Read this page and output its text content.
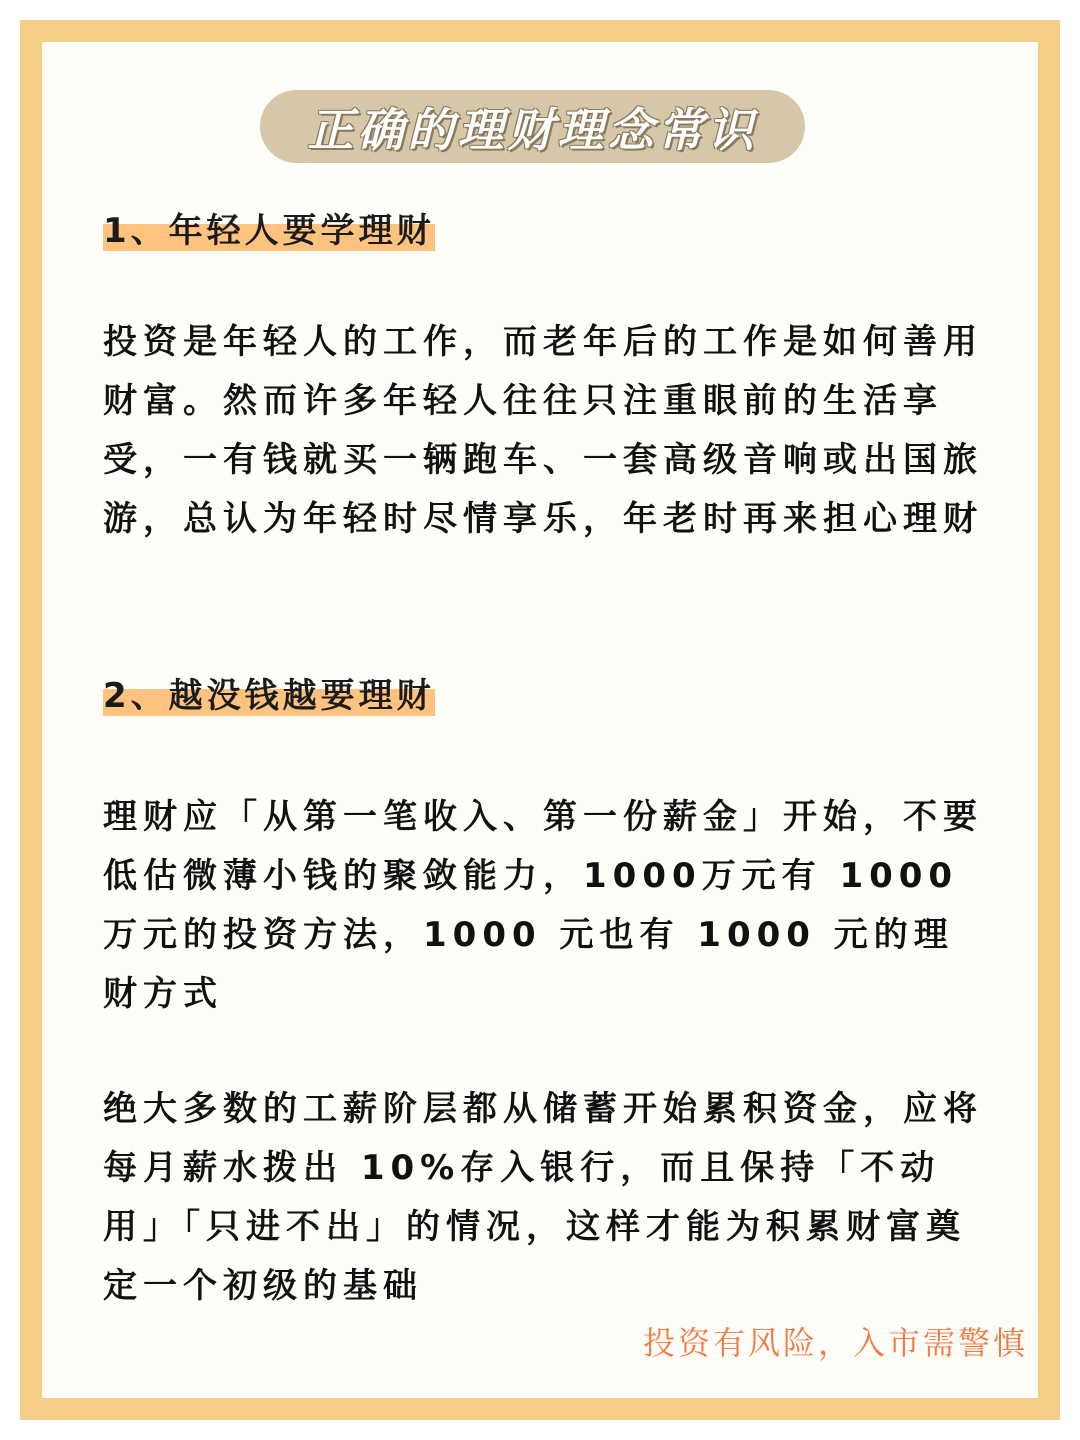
正确的理财理念常识
1、年轻人要学理财

投资是年轻人的工作，而老年后的工作是如何善用财富。然而许多年轻人往往只注重眼前的生活享受，一有钱就买一辆跑车、一套高级音响或出国旅游，总认为年轻时尽情享乐，年老时再来担心理财

2、越没钱越要理财

理财应「从第一笔收入、第一份薪金」开始，不要低估微薄小钱的聚敛能力，1000万元有 1000 万元的投资方法，1000 元也有 1000 元的理财方式

绝大多数的工薪阶层都从储蓄开始累积资金，应将每月薪水拨出 10%存入银行，而且保持「不动用」「只进不出」的情况，这样才能为积累财富奠定一个初级的基础

投资有风险，入市需警慎
